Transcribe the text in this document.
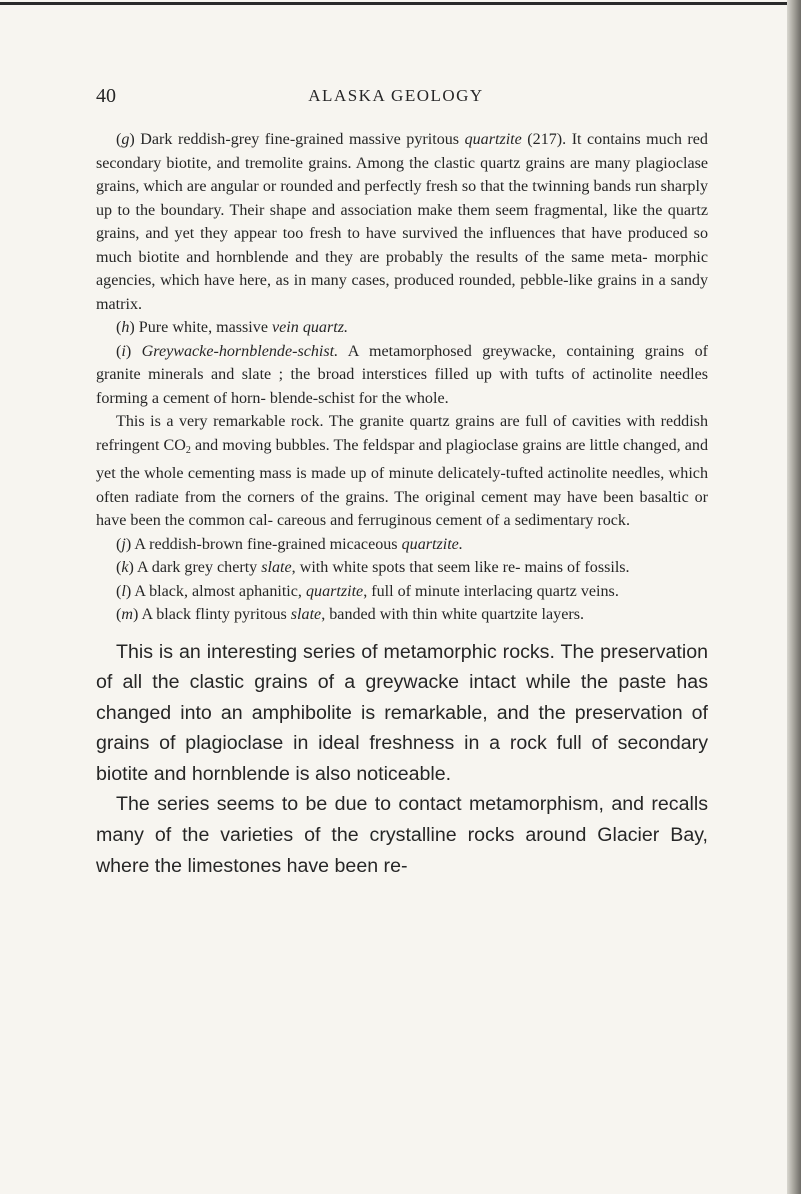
40	ALASKA GEOLOGY

(g) Dark reddish-grey fine-grained massive pyritous quartzite (217). It contains much red secondary biotite, and tremolite grains. Among the clastic quartz grains are many plagioclase grains, which are angular or rounded and perfectly fresh so that the twinning bands run sharply up to the boundary. Their shape and association make them seem fragmental, like the quartz grains, and yet they appear too fresh to have survived the influences that have produced so much biotite and hornblende and they are probably the results of the same meta- morphic agencies, which have here, as in many cases, produced rounded, pebble-like grains in a sandy matrix.

(h) Pure white, massive vein quartz.

(i) Greywacke-hornblende-schist. A metamorphosed greywacke, containing grains of granite minerals and slate ; the broad interstices filled up with tufts of actinolite needles forming a cement of horn- blende-schist for the whole.

This is a very remarkable rock. The granite quartz grains are full of cavities with reddish refringent $CO_2$ and moving bubbles. The feldspar and plagioclase grains are little changed, and yet the whole cementing mass is made up of minute delicately-tufted actinolite needles, which often radiate from the corners of the grains. The original cement may have been basaltic or have been the common cal- careous and ferruginous cement of a sedimentary rock.

(j) A reddish-brown fine-grained micaceous quartzite.

(k) A dark grey cherty slate, with white spots that seem like re- mains of fossils.

(l) A black, almost aphanitic, quartzite, full of minute interlacing quartz veins.

(m) A black flinty pyritous slate, banded with thin white quartzite layers.

This is an interesting series of metamorphic rocks. The preservation of all the clastic grains of a greywacke intact while the paste has changed into an amphibolite is remarkable, and the preservation of grains of plagioclase in ideal freshness in a rock full of secondary biotite and hornblende is also noticeable.

The series seems to be due to contact metamorphism, and recalls many of the varieties of the crystalline rocks around Glacier Bay, where the limestones have been re-
